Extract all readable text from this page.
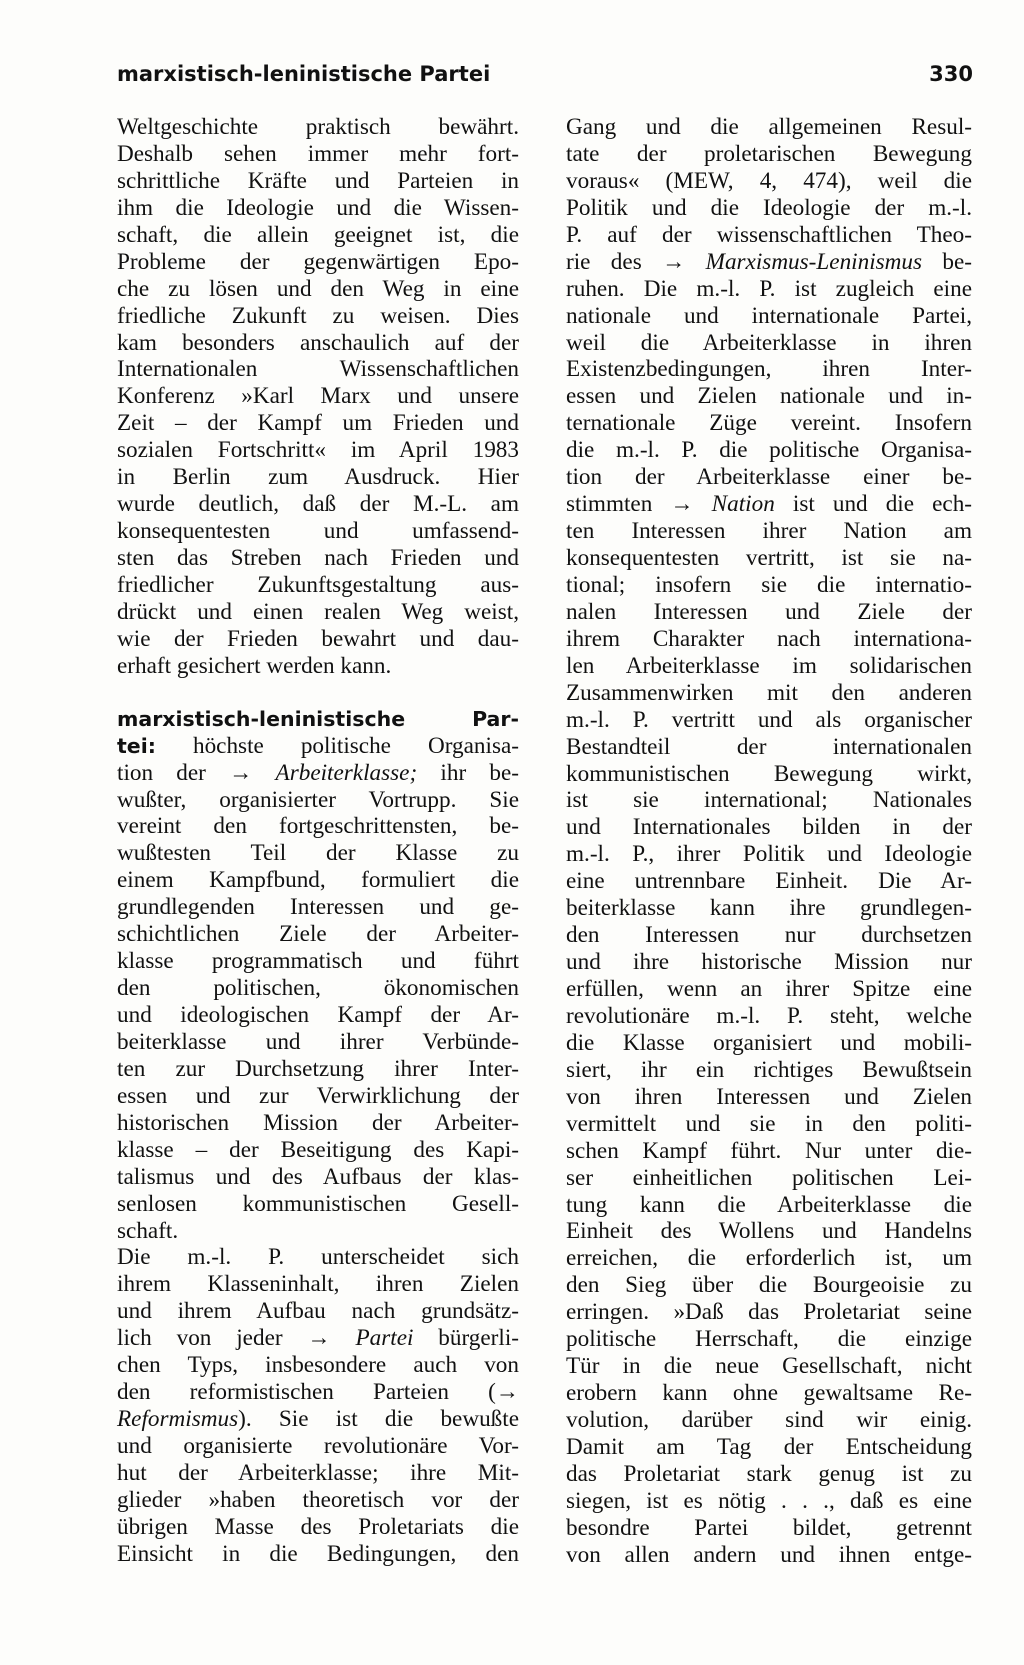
marxistisch-leninistische Partei	330
Weltgeschichte praktisch bewährt.
Deshalb sehen immer mehr fort-
schrittliche Kräfte und Parteien in
ihm die Ideologie und die Wissen-
schaft, die allein geeignet ist, die
Probleme der gegenwärtigen Epo-
che zu lösen und den Weg in eine
friedliche Zukunft zu weisen. Dies
kam besonders anschaulich auf der
Internationalen Wissenschaftlichen
Konferenz »Karl Marx und unsere
Zeit – der Kampf um Frieden und
sozialen Fortschritt« im April 1983
in Berlin zum Ausdruck. Hier
wurde deutlich, daß der M.-L. am
konsequentesten und umfassend-
sten das Streben nach Frieden und
friedlicher Zukunftsgestaltung aus-
drückt und einen realen Weg weist,
wie der Frieden bewahrt und dau-
erhaft gesichert werden kann.
marxistisch-leninistische Par-
tei: höchste politische Organisa-
tion der → Arbeiterklasse; ihr be-
wußter, organisierter Vortrupp. Sie
vereint den fortgeschrittensten, be-
wußtesten Teil der Klasse zu
einem Kampfbund, formuliert die
grundlegenden Interessen und ge-
schichtlichen Ziele der Arbeiter-
klasse programmatisch und führt
den politischen, ökonomischen
und ideologischen Kampf der Ar-
beiterklasse und ihrer Verbünde-
ten zur Durchsetzung ihrer Inter-
essen und zur Verwirklichung der
historischen Mission der Arbeiter-
klasse – der Beseitigung des Kapi-
talismus und des Aufbaus der klas-
senlosen kommunistischen Gesell-
schaft.
Die m.-l. P. unterscheidet sich
ihrem Klasseninhalt, ihren Zielen
und ihrem Aufbau nach grundsätz-
lich von jeder → Partei bürgerli-
chen Typs, insbesondere auch von
den reformistischen Parteien (→
Reformismus). Sie ist die bewußte
und organisierte revolutionäre Vor-
hut der Arbeiterklasse; ihre Mit-
glieder »haben theoretisch vor der
übrigen Masse des Proletariats die
Einsicht in die Bedingungen, den
Gang und die allgemeinen Resul-
tate der proletarischen Bewegung
voraus« (MEW, 4, 474), weil die
Politik und die Ideologie der m.-l.
P. auf der wissenschaftlichen Theo-
rie des → Marxismus-Leninismus be-
ruhen. Die m.-l. P. ist zugleich eine
nationale und internationale Partei,
weil die Arbeiterklasse in ihren
Existenzbedingungen, ihren Inter-
essen und Zielen nationale und in-
ternationale Züge vereint. Insofern
die m.-l. P. die politische Organisa-
tion der Arbeiterklasse einer be-
stimmten → Nation ist und die ech-
ten Interessen ihrer Nation am
konsequentesten vertritt, ist sie na-
tional; insofern sie die internatio-
nalen Interessen und Ziele der
ihrem Charakter nach internationa-
len Arbeiterklasse im solidarischen
Zusammenwirken mit den anderen
m.-l. P. vertritt und als organischer
Bestandteil der internationalen
kommunistischen Bewegung wirkt,
ist sie international; Nationales
und Internationales bilden in der
m.-l. P., ihrer Politik und Ideologie
eine untrennbare Einheit. Die Ar-
beiterklasse kann ihre grundlegen-
den Interessen nur durchsetzen
und ihre historische Mission nur
erfüllen, wenn an ihrer Spitze eine
revolutionäre m.-l. P. steht, welche
die Klasse organisiert und mobili-
siert, ihr ein richtiges Bewußtsein
von ihren Interessen und Zielen
vermittelt und sie in den politi-
schen Kampf führt. Nur unter die-
ser einheitlichen politischen Lei-
tung kann die Arbeiterklasse die
Einheit des Wollens und Handelns
erreichen, die erforderlich ist, um
den Sieg über die Bourgeoisie zu
erringen. »Daß das Proletariat seine
politische Herrschaft, die einzige
Tür in die neue Gesellschaft, nicht
erobern kann ohne gewaltsame Re-
volution, darüber sind wir einig.
Damit am Tag der Entscheidung
das Proletariat stark genug ist zu
siegen, ist es nötig . . ., daß es eine
besondre Partei bildet, getrennt
von allen andern und ihnen entge-
